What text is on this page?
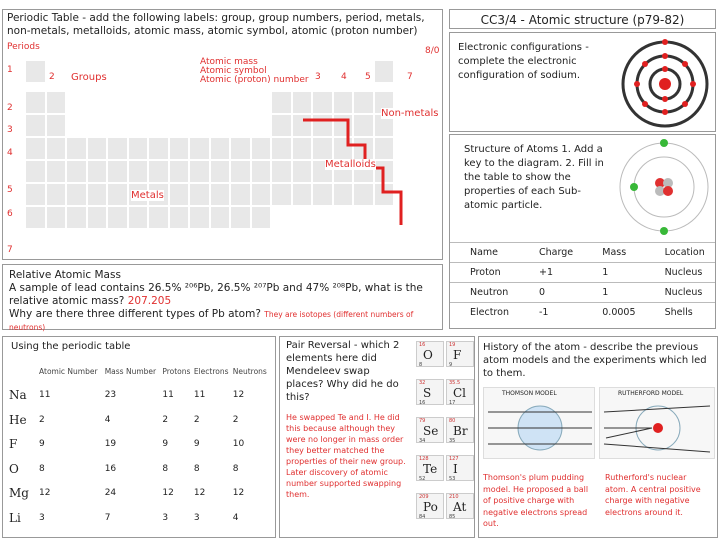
Periodic Table - add the following labels: group, group numbers, period, metals, non-metals, metalloids, atomic mass, atomic symbol, atomic (proton number)
Periods	8/0
Groups
Atomic mass
Atomic symbol
Atomic (proton) number
2	3 4 5	7
1
2
3
4
5
6
7
Non-metals
Metalloids
Metals
CC3/4 - Atomic structure (p79-82)
Electronic configurations - complete the electronic configuration of sodium.
Structure of Atoms 1. Add a key to the diagram. 2. Fill in the table to show the properties of each Sub-atomic particle.
Name	Charge	Mass	Location
Proton	+1	1	Nucleus
Neutron	0	1	Nucleus
Electron	-1	0.0005	Shells
Relative Atomic Mass
A sample of lead contains 26.5% ²⁰⁶Pb, 26.5% ²⁰⁷Pb and 47% ²⁰⁸Pb, what is the relative atomic mass? 207.205
Why are there three different types of Pb atom? They are isotopes (different numbers of neutrons)
Using the periodic table
	Atomic Number	Mass Number	Protons	Electrons	Neutrons
Na	11	23	11	11	12
He	2	4	2	2	2
F	9	19	9	9	10
O	8	16	8	8	8
Mg	12	24	12	12	12
Li	3	7	3	3	4
Pair Reversal - which 2 elements here did Mendeleev swap places? Why did he do this?
He swapped Te and I. He did this because although they were no longer in mass order they better matched the properties of their new group. Later discovery of atomic number supported swapping them.
16
O
8
19
F
9
32
S
16
35.5
Cl
17
79
Se
34
80
Br
35
128
Te
52
127
I
53
209
Po
84
210
At
85
History of the atom - describe the previous atom models and the experiments which led to them.
THOMSON MODEL	RUTHERFORD MODEL
Thomson's plum pudding model. He proposed a ball of positive charge with negative electrons spread out.
Rutherford's nuclear atom. A central positive charge with negative electrons around it.
